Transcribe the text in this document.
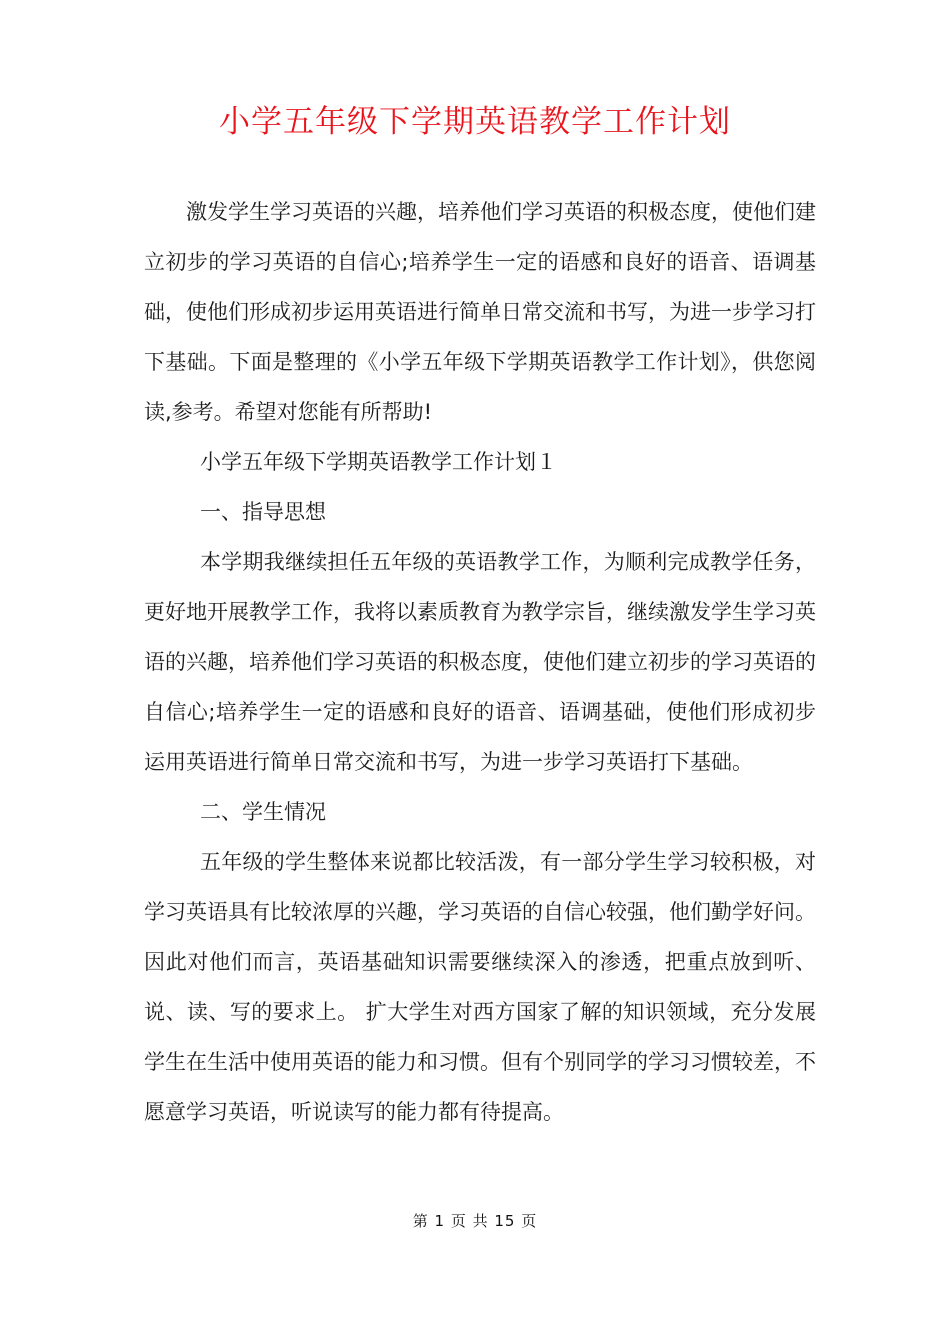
小学五年级下学期英语教学工作计划

激发学生学习英语的兴趣，培养他们学习英语的积极态度，使他们建立初步的学习英语的自信心;培养学生一定的语感和良好的语音、语调基础，使他们形成初步运用英语进行简单日常交流和书写，为进一步学习打下基础。下面是整理的《小学五年级下学期英语教学工作计划》，供您阅读,参考。希望对您能有所帮助!

小学五年级下学期英语教学工作计划１

一、指导思想

本学期我继续担任五年级的英语教学工作，为顺利完成教学任务，更好地开展教学工作，我将以素质教育为教学宗旨，继续激发学生学习英语的兴趣，培养他们学习英语的积极态度，使他们建立初步的学习英语的自信心;培养学生一定的语感和良好的语音、语调基础，使他们形成初步运用英语进行简单日常交流和书写，为进一步学习英语打下基础。

二、学生情况

五年级的学生整体来说都比较活泼，有一部分学生学习较积极，对学习英语具有比较浓厚的兴趣，学习英语的自信心较强，他们勤学好问。因此对他们而言，英语基础知识需要继续深入的渗透，把重点放到听、说、读、写的要求上。 扩大学生对西方国家了解的知识领域，充分发展学生在生活中使用英语的能力和习惯。但有个别同学的学习习惯较差，不愿意学习英语，听说读写的能力都有待提高。

第 1 页 共 15 页
